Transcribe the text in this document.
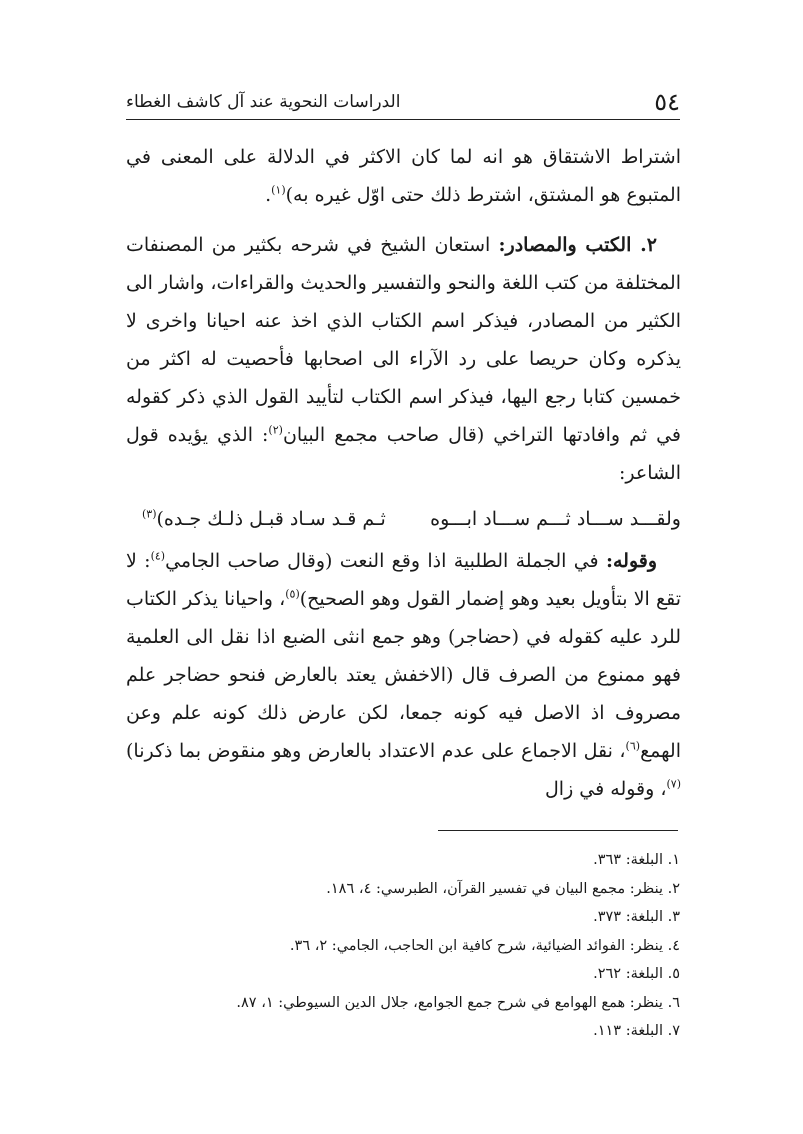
٥٤
الدراسات النحوية عند آل كاشف الغطاء

اشتراط الاشتقاق هو انه لما كان الاكثر في الدلالة على المعنى في المتبوع هو المشتق، اشترط ذلك حتى اوّل غيره به)$^{(١)}$.

٢. الكتب والمصادر: استعان الشيخ في شرحه بكثير من المصنفات المختلفة من كتب اللغة والنحو والتفسير والحديث والقراءات، واشار الى الكثير من المصادر، فيذكر اسم الكتاب الذي اخذ عنه احيانا واخرى لا يذكره وكان حريصا على رد الآراء الى اصحابها فأحصيت له اكثر من خمسين كتابا رجع اليها، فيذكر اسم الكتاب لتأييد القول الذي ذكر كقوله في ثم وافادتها التراخي (قال صاحب مجمع البيان$^{(٢)}$: الذي يؤيده قول الشاعر:

ولقـــد ســـاد ثـــم ســـاد ابـــوه
ثـم قـد سـاد قبـل ذلـك جـده)$^{(٣)}$

وقوله: في الجملة الطلبية اذا وقع النعت (وقال صاحب الجامي$^{(٤)}$: لا تقع الا بتأويل بعيد وهو إضمار القول وهو الصحيح)$^{(٥)}$، واحيانا يذكر الكتاب للرد عليه كقوله في (حضاجر) وهو جمع انثى الضبع اذا نقل الى العلمية فهو ممنوع من الصرف قال (الاخفش يعتد بالعارض فنحو حضاجر علم مصروف اذ الاصل فيه كونه جمعا، لكن عارض ذلك كونه علم وعن الهمع$^{(٦)}$، نقل الاجماع على عدم الاعتداد بالعارض وهو منقوض بما ذكرنا)$^{(٧)}$، وقوله في زال

١. البلغة: ٣٦٣.
٢. ينظر: مجمع البيان في تفسير القرآن، الطبرسي: ٤، ١٨٦.
٣. البلغة: ٣٧٣.
٤. ينظر: الفوائد الضيائية، شرح كافية ابن الحاجب، الجامي: ٢، ٣٦.
٥. البلغة: ٢٦٢.
٦. ينظر: همع الهوامع في شرح جمع الجوامع، جلال الدين السيوطي: ١، ٨٧.
٧. البلغة: ١١٣.
